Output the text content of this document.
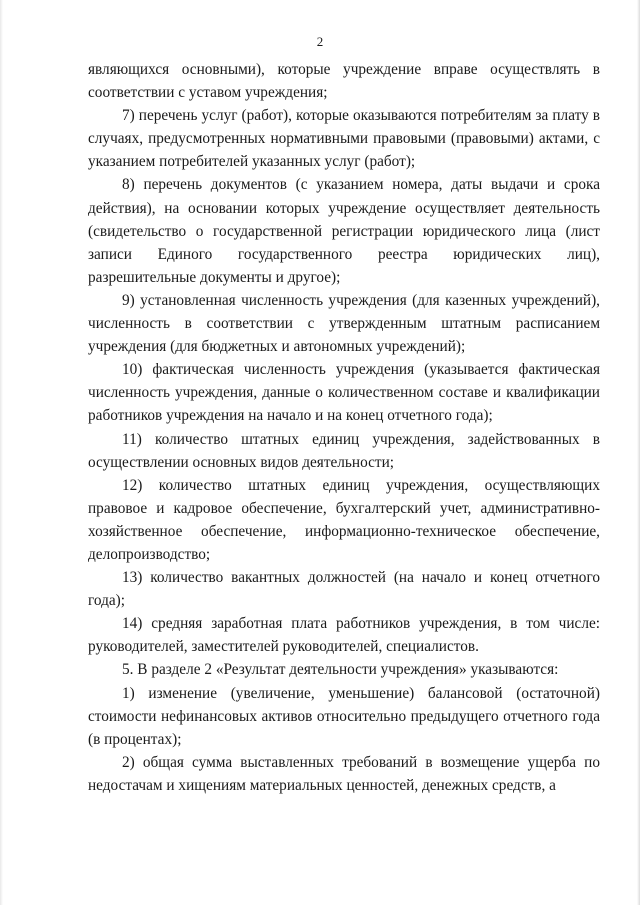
2

являющихся основными), которые учреждение вправе осуществлять в соответствии с уставом учреждения;

7) перечень услуг (работ), которые оказываются потребителям за плату в случаях, предусмотренных нормативными правовыми (правовыми) актами, с указанием потребителей указанных услуг (работ);

8) перечень документов (с указанием номера, даты выдачи и срока действия), на основании которых учреждение осуществляет деятельность (свидетельство о государственной регистрации юридического лица (лист записи Единого государственного реестра юридических лиц), разрешительные документы и другое);

9) установленная численность учреждения (для казенных учреждений), численность в соответствии с утвержденным штатным расписанием учреждения (для бюджетных и автономных учреждений);

10) фактическая численность учреждения (указывается фактическая численность учреждения, данные о количественном составе и квалификации работников учреждения на начало и на конец отчетного года);

11) количество штатных единиц учреждения, задействованных в осуществлении основных видов деятельности;

12) количество штатных единиц учреждения, осуществляющих правовое и кадровое обеспечение, бухгалтерский учет, административно-хозяйственное обеспечение, информационно-техническое обеспечение, делопроизводство;

13) количество вакантных должностей (на начало и конец отчетного года);

14) средняя заработная плата работников учреждения, в том числе: руководителей, заместителей руководителей, специалистов.

5. В разделе 2 «Результат деятельности учреждения» указываются:

1) изменение (увеличение, уменьшение) балансовой (остаточной) стоимости нефинансовых активов относительно предыдущего отчетного года (в процентах);

2) общая сумма выставленных требований в возмещение ущерба по недостачам и хищениям материальных ценностей, денежных средств, а
